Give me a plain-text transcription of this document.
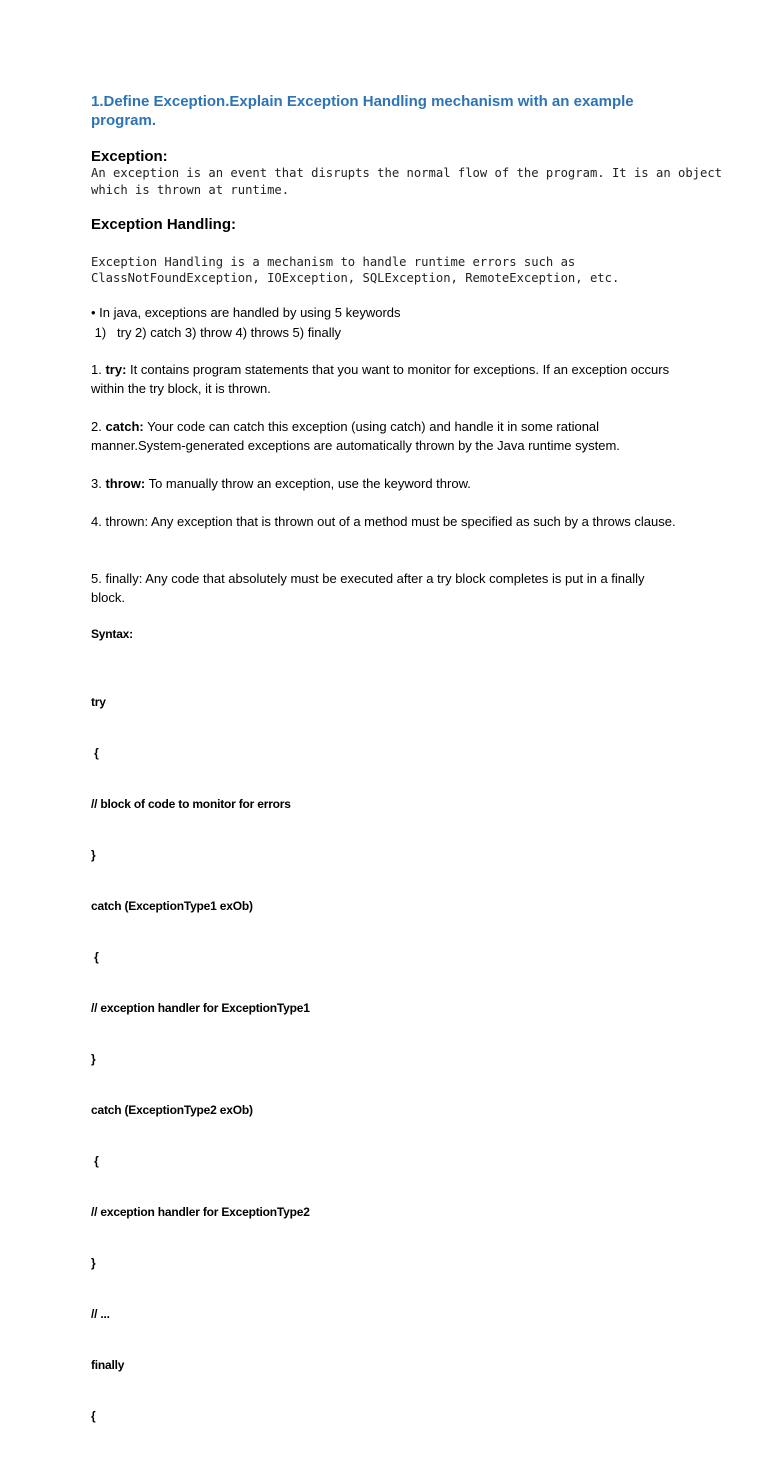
1.Define Exception.Explain Exception Handling mechanism with an example program.
Exception:
An exception is an event that disrupts the normal flow of the program. It is an object
which is thrown at runtime.
Exception Handling:
Exception Handling is a mechanism to handle runtime errors such as
ClassNotFoundException, IOException, SQLException, RemoteException, etc.
• In java, exceptions are handled by using 5 keywords
1)   try 2) catch 3) throw 4) throws 5) finally
1. try: It contains program statements that you want to monitor for exceptions. If an exception occurs within the try block, it is thrown.
2. catch: Your code can catch this exception (using catch) and handle it in some rational manner.System-generated exceptions are automatically thrown by the Java runtime system.
3. throw: To manually throw an exception, use the keyword throw.
4. thrown: Any exception that is thrown out of a method must be specified as such by a throws clause.
5. finally: Any code that absolutely must be executed after a try block completes is put in a finally block.
Syntax:

try

{

// block of code to monitor for errors

}

catch (ExceptionType1 exOb)

{

// exception handler for ExceptionType1

}

catch (ExceptionType2 exOb)

{

// exception handler for ExceptionType2

}

// ...

finally

{
